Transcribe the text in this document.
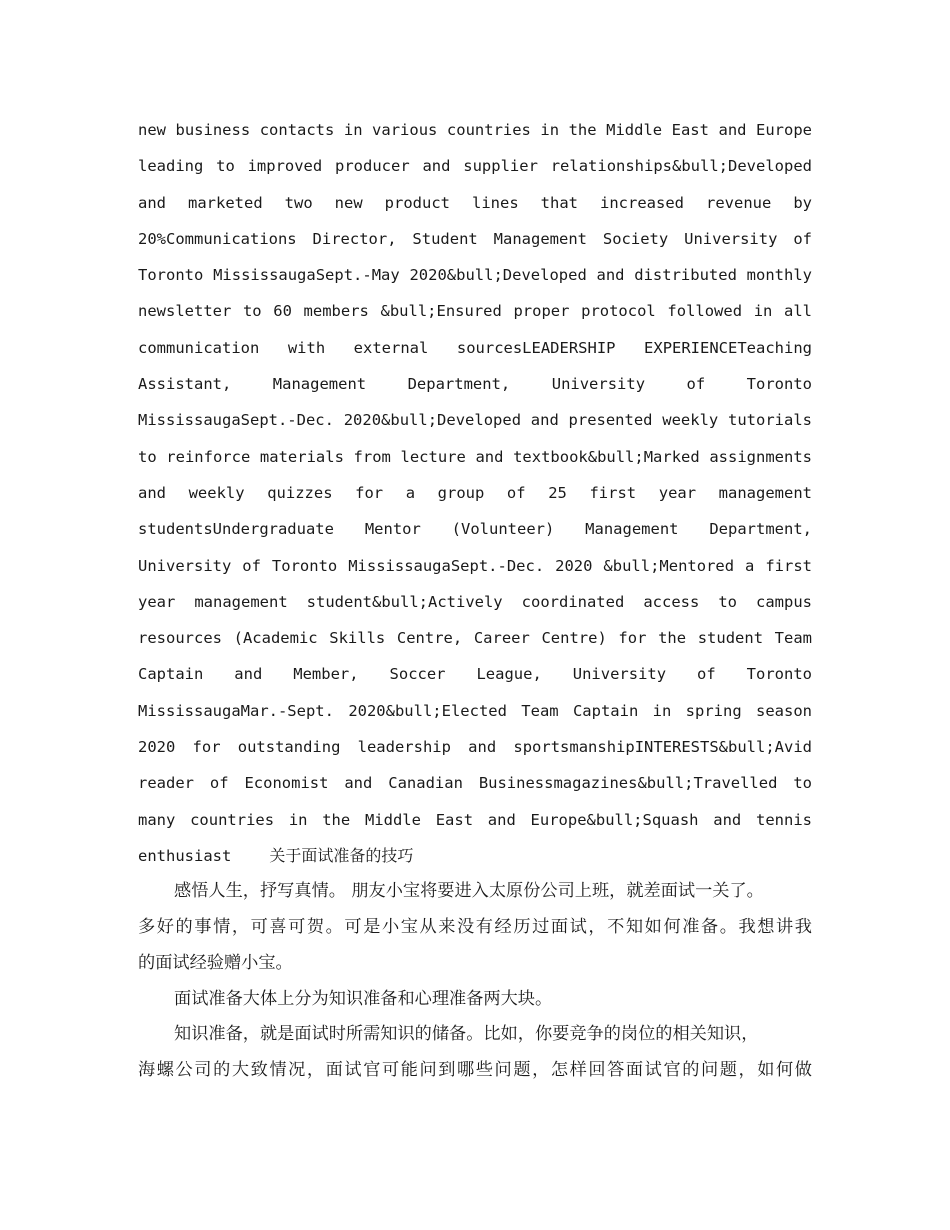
new business contacts in various countries in the Middle East and Europe
leading to improved producer and supplier relationships&bull;Developed
and marketed two new product lines that increased revenue by
20%Communications Director, Student Management Society University of
Toronto MississaugaSept.-May 2020&bull;Developed and distributed monthly
newsletter to 60 members &bull;Ensured proper protocol followed in all
communication with external sourcesLEADERSHIP EXPERIENCETeaching
Assistant, Management Department, University of Toronto
MississaugaSept.-Dec. 2020&bull;Developed and presented weekly tutorials
to reinforce materials from lecture and textbook&bull;Marked assignments
and weekly quizzes for a group of 25 first year management
studentsUndergraduate Mentor (Volunteer) Management Department,
University of Toronto MississaugaSept.-Dec. 2020 &bull;Mentored a first
year management student&bull;Actively coordinated access to campus
resources (Academic Skills Centre, Career Centre) for the student Team
Captain and Member, Soccer League, University of Toronto
MississaugaMar.-Sept. 2020&bull;Elected Team Captain in spring season
2020 for outstanding leadership and sportsmanshipINTERESTS&bull;Avid
reader of Economist and Canadian Businessmagazines&bull;Travelled to
many countries in the Middle East and Europe&bull;Squash and tennis
enthusiast 关于面试准备的技巧
感悟人生，抒写真情。 朋友小宝将要进入太原份公司上班，就差面试一关了。
多好的事情，可喜可贺。可是小宝从来没有经历过面试，不知如何准备。我想讲我
的面试经验赠小宝。
面试准备大体上分为知识准备和心理准备两大块。
知识准备，就是面试时所需知识的储备。比如，你要竞争的岗位的相关知识，
海螺公司的大致情况，面试官可能问到哪些问题，怎样回答面试官的问题，如何做
